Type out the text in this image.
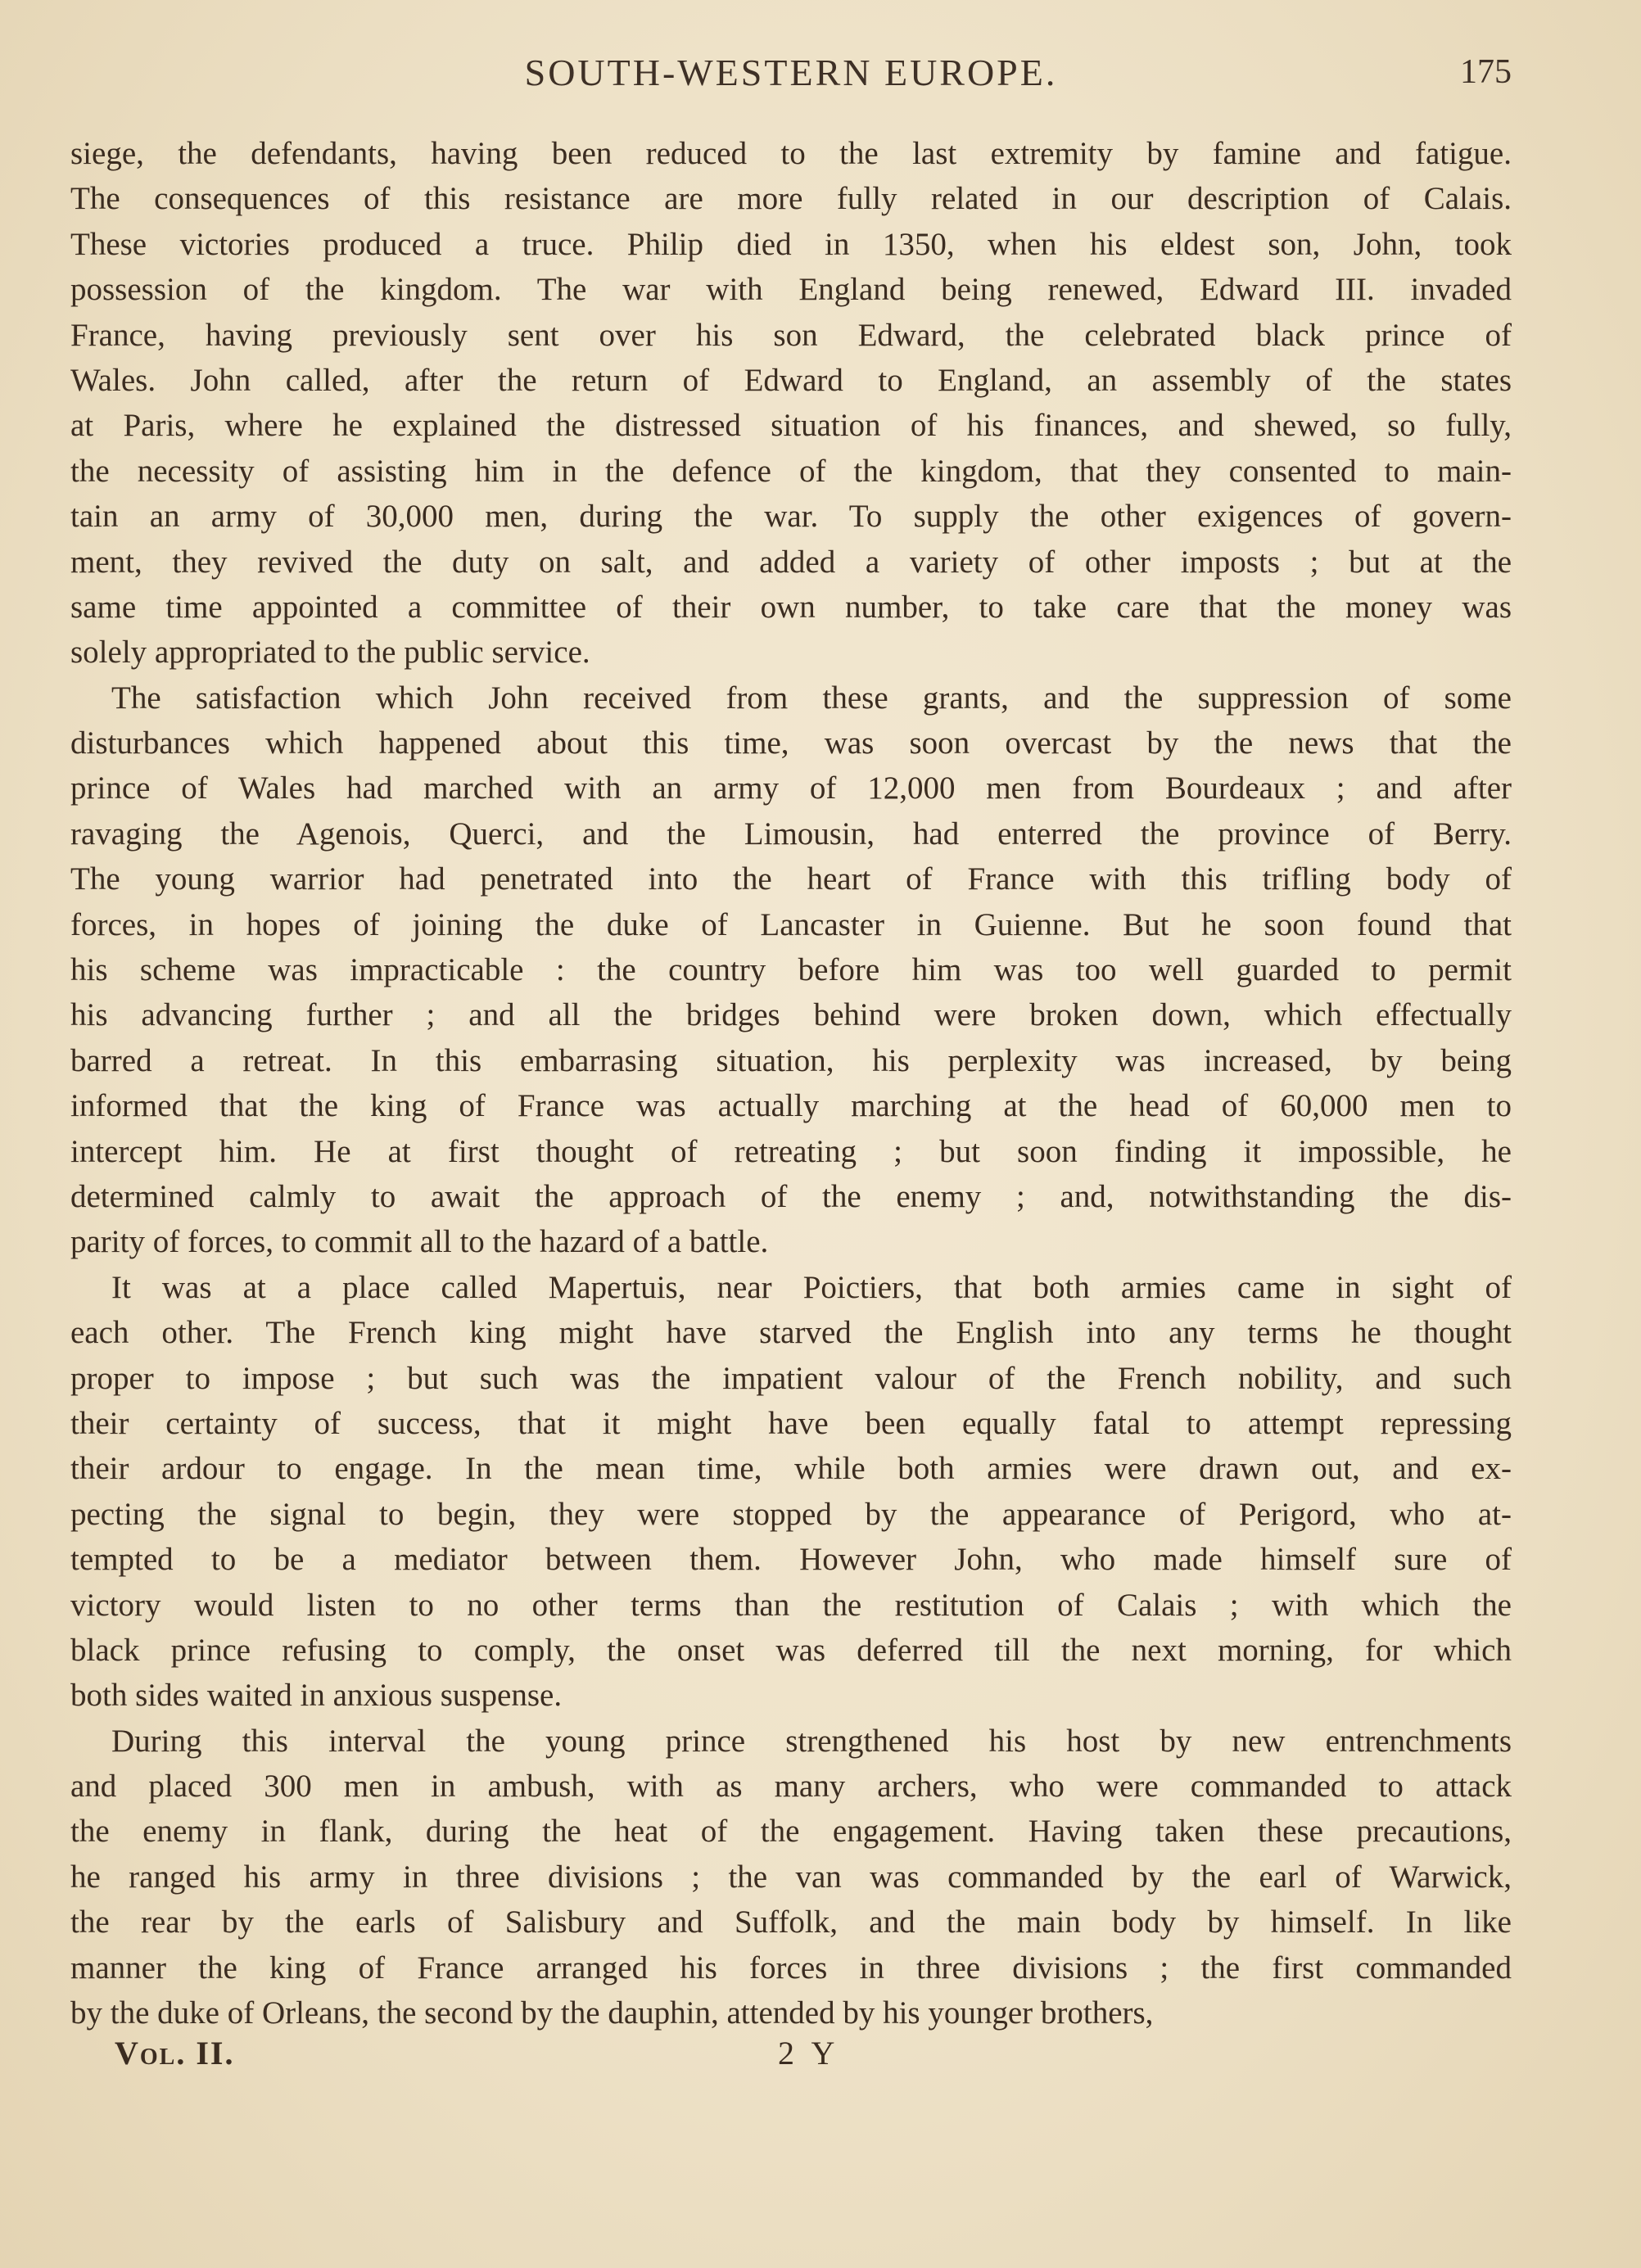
SOUTH-WESTERN EUROPE.	175
siege, the defendants, having been reduced to the last extremity by famine and fatigue.
The consequences of this resistance are more fully related in our description of Calais.
These victories produced a truce. Philip died in 1350, when his eldest son, John, took
possession of the kingdom. The war with England being renewed, Edward III. invaded
France, having previously sent over his son Edward, the celebrated black prince of
Wales. John called, after the return of Edward to England, an assembly of the states
at Paris, where he explained the distressed situation of his finances, and shewed, so fully,
the necessity of assisting him in the defence of the kingdom, that they consented to main-
tain an army of 30,000 men, during the war. To supply the other exigences of govern-
ment, they revived the duty on salt, and added a variety of other imposts ; but at the
same time appointed a committee of their own number, to take care that the money was
solely appropriated to the public service.
The satisfaction which John received from these grants, and the suppression of some
disturbances which happened about this time, was soon overcast by the news that the
prince of Wales had marched with an army of 12,000 men from Bourdeaux ; and after
ravaging the Agenois, Querci, and the Limousin, had enterred the province of Berry.
The young warrior had penetrated into the heart of France with this trifling body of
forces, in hopes of joining the duke of Lancaster in Guienne. But he soon found that
his scheme was impracticable : the country before him was too well guarded to permit
his advancing further ; and all the bridges behind were broken down, which effectually
barred a retreat. In this embarrasing situation, his perplexity was increased, by being
informed that the king of France was actually marching at the head of 60,000 men to
intercept him. He at first thought of retreating ; but soon finding it impossible, he
determined calmly to await the approach of the enemy ; and, notwithstanding the dis-
parity of forces, to commit all to the hazard of a battle.
It was at a place called Mapertuis, near Poictiers, that both armies came in sight of
each other. The French king might have starved the English into any terms he thought
proper to impose ; but such was the impatient valour of the French nobility, and such
their certainty of success, that it might have been equally fatal to attempt repressing
their ardour to engage. In the mean time, while both armies were drawn out, and ex-
pecting the signal to begin, they were stopped by the appearance of Perigord, who at-
tempted to be a mediator between them. However John, who made himself sure of
victory would listen to no other terms than the restitution of Calais ; with which the
black prince refusing to comply, the onset was deferred till the next morning, for which
both sides waited in anxious suspense.
During this interval the young prince strengthened his host by new entrenchments
and placed 300 men in ambush, with as many archers, who were commanded to attack
the enemy in flank, during the heat of the engagement. Having taken these precautions,
he ranged his army in three divisions ; the van was commanded by the earl of Warwick,
the rear by the earls of Salisbury and Suffolk, and the main body by himself. In like
manner the king of France arranged his forces in three divisions ; the first commanded
by the duke of Orleans, the second by the dauphin, attended by his younger brothers,
Vol. II.	2 Y
